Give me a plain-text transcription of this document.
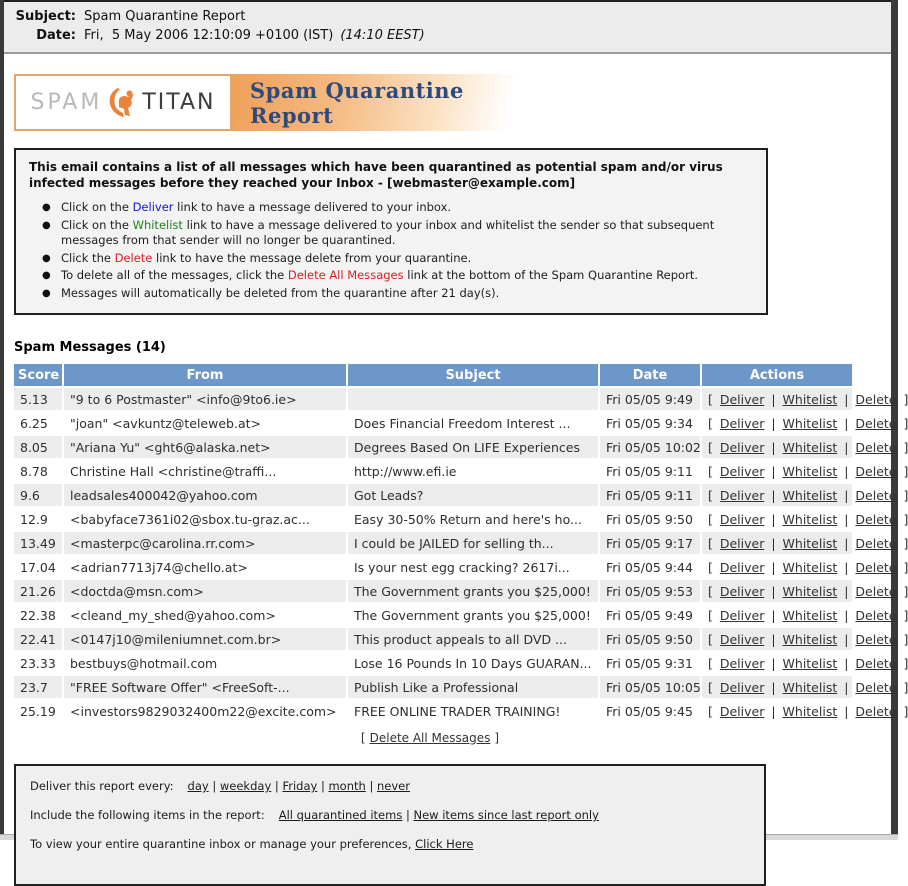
Subject: Spam Quarantine Report
Date: Fri,  5 May 2006 12:10:09 +0100 (IST) (14:10 EEST)
SPAM TITAN Spam Quarantine Report
This email contains a list of all messages which have been quarantined as potential spam and/or virus infected messages before they reached your Inbox - [webmaster@example.com]
● Click on the Deliver link to have a message delivered to your inbox.
● Click on the Whitelist link to have a message delivered to your inbox and whitelist the sender so that subsequent messages from that sender will no longer be quarantined.
● Click the Delete link to have the message delete from your quarantine.
● To delete all of the messages, click the Delete All Messages link at the bottom of the Spam Quarantine Report.
● Messages will automatically be deleted from the quarantine after 21 day(s).
Spam Messages (14)
Score	From	Subject	Date	Actions
5.13	"9 to 6 Postmaster" <info@9to6.ie>		Fri 05/05 9:49	[ Deliver | Whitelist | Delete ]
6.25	"joan" <avkuntz@teleweb.at>	Does Financial Freedom Interest ...	Fri 05/05 9:34	[ Deliver | Whitelist | Delete ]
8.05	"Ariana Yu" <ght6@alaska.net>	Degrees Based On LIFE Experiences	Fri 05/05 10:02	[ Deliver | Whitelist | Delete ]
8.78	Christine Hall <christine@traffi...	http://www.efi.ie	Fri 05/05 9:11	[ Deliver | Whitelist | Delete ]
9.6	leadsales400042@yahoo.com	Got Leads?	Fri 05/05 9:11	[ Deliver | Whitelist | Delete ]
12.9	<babyface7361i02@sbox.tu-graz.ac...	Easy 30-50% Return and here's ho...	Fri 05/05 9:50	[ Deliver | Whitelist | Delete ]
13.49	<masterpc@carolina.rr.com>	I could be JAILED for selling th...	Fri 05/05 9:17	[ Deliver | Whitelist | Delete ]
17.04	<adrian7713j74@chello.at>	Is your nest egg cracking? 2617i...	Fri 05/05 9:44	[ Deliver | Whitelist | Delete ]
21.26	<doctda@msn.com>	The Government grants you $25,000!	Fri 05/05 9:53	[ Deliver | Whitelist | Delete ]
22.38	<cleand_my_shed@yahoo.com>	The Government grants you $25,000!	Fri 05/05 9:49	[ Deliver | Whitelist | Delete ]
22.41	<0147j10@mileniumnet.com.br>	This product appeals to all DVD ...	Fri 05/05 9:50	[ Deliver | Whitelist | Delete ]
23.33	bestbuys@hotmail.com	Lose 16 Pounds In 10 Days GUARAN...	Fri 05/05 9:31	[ Deliver | Whitelist | Delete ]
23.7	"FREE Software Offer" <FreeSoft-...	Publish Like a Professional	Fri 05/05 10:05	[ Deliver | Whitelist | Delete ]
25.19	<investors9829032400m22@excite.com>	FREE ONLINE TRADER TRAINING!	Fri 05/05 9:45	[ Deliver | Whitelist | Delete ]
[ Delete All Messages ]
Deliver this report every: day | weekday | Friday | month | never
Include the following items in the report: All quarantined items | New items since last report only
To view your entire quarantine inbox or manage your preferences, Click Here
